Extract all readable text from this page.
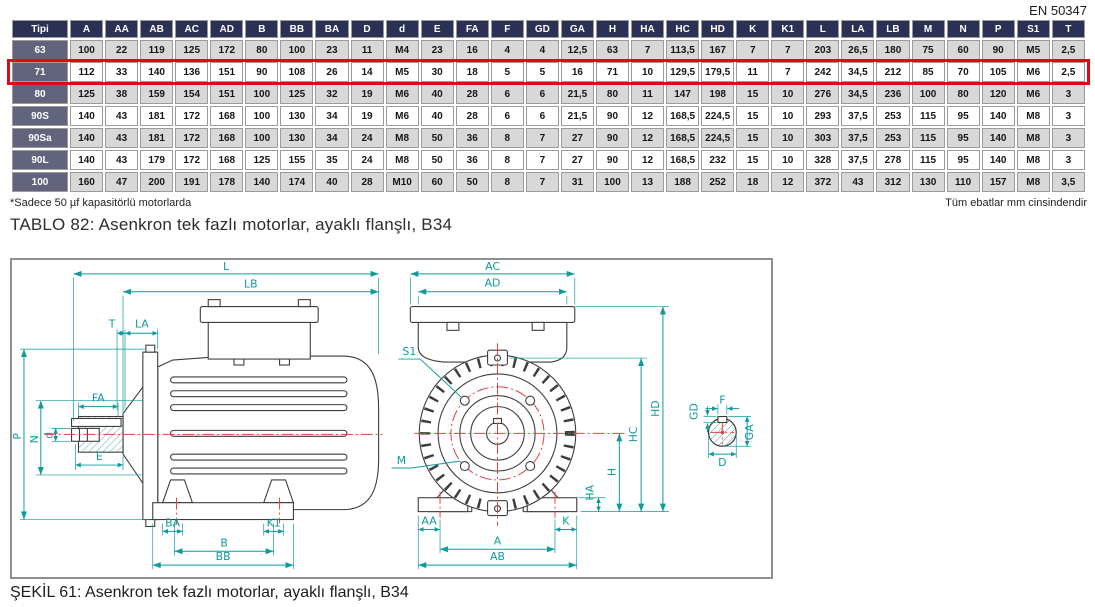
EN 50347
Tipi	A	AA	AB	AC	AD	B	BB	BA	D	d	E	FA	F	GD	GA	H	HA	HC	HD	K	K1	L	LA	LB	M	N	P	S1	T
63	100	22	119	125	172	80	100	23	11	M4	23	16	4	4	12,5	63	7	113,5	167	7	7	203	26,5	180	75	60	90	M5	2,5
71	112	33	140	136	151	90	108	26	14	M5	30	18	5	5	16	71	10	129,5	179,5	11	7	242	34,5	212	85	70	105	M6	2,5
80	125	38	159	154	151	100	125	32	19	M6	40	28	6	6	21,5	80	11	147	198	15	10	276	34,5	236	100	80	120	M6	3
90S	140	43	181	172	168	100	130	34	19	M6	40	28	6	6	21,5	90	12	168,5	224,5	15	10	293	37,5	253	115	95	140	M8	3
90Sa	140	43	181	172	168	100	130	34	24	M8	50	36	8	7	27	90	12	168,5	224,5	15	10	303	37,5	253	115	95	140	M8	3
90L	140	43	179	172	168	125	155	35	24	M8	50	36	8	7	27	90	12	168,5	232	15	10	328	37,5	278	115	95	140	M8	3
100	160	47	200	191	178	140	174	40	28	M10	60	50	8	7	31	100	13	188	252	18	12	372	43	312	130	110	157	M8	3,5
*Sadece 50 µf kapasitörlü motorlarda	Tüm ebatlar mm cinsindendir
TABLO 82: Asenkron tek fazlı motorlar, ayaklı flanşlı, B34
L
LB
T LA
FA
E
P N d
BA	K1
B
BB
S1
M
AC
AD
HD
HC
H
HA
AA	K
A
AB
F
GD
GA
D
ŞEKİL 61: Asenkron tek fazlı motorlar, ayaklı flanşlı, B34
